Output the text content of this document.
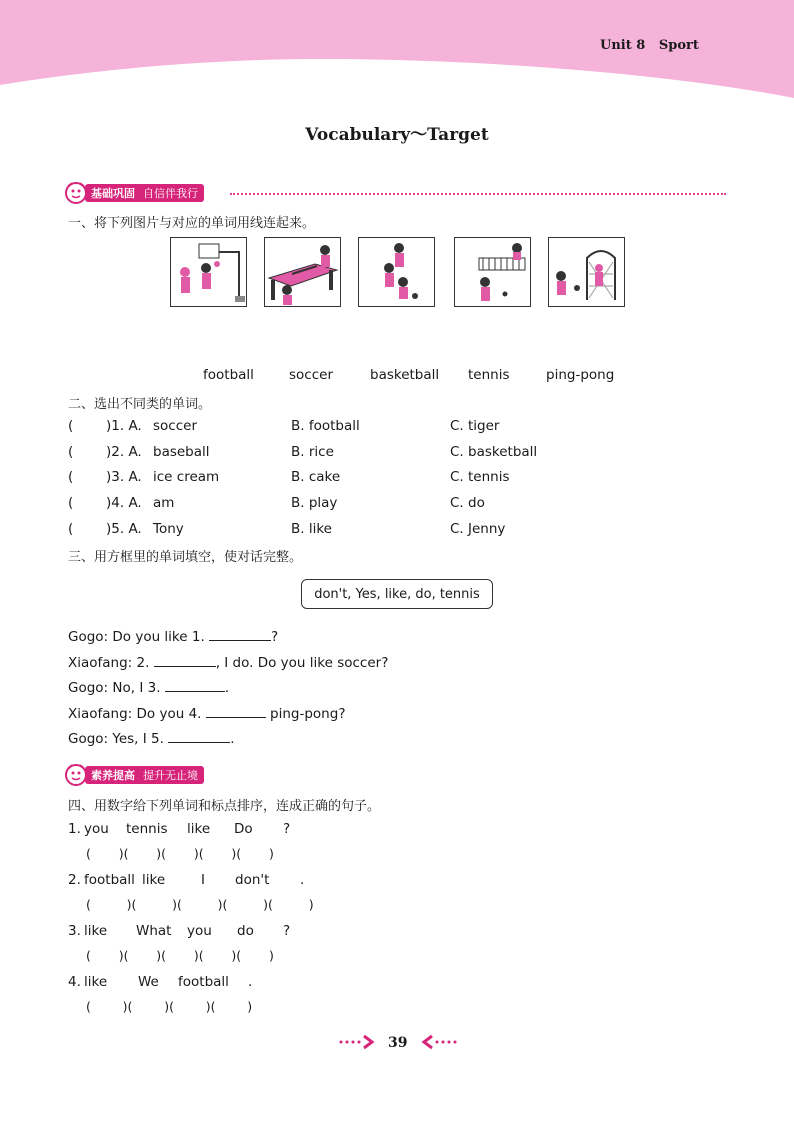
Unit 8 Sport
Vocabulary～Target
基础巩固 自信伴我行
一、将下列图片与对应的单词用线连起来。
football	soccer	basketball tennis	ping-pong
二、选出不同类的单词。
( )1. A. soccer	B. football	C. tiger
( )2. A. baseball	B. rice	C. basketball
( )3. A. ice cream	B. cake	C. tennis
( )4. A. am	B. play	C. do
( )5. A. Tony	B. like	C. Jenny
三、用方框里的单词填空，使对话完整。
don't, Yes, like, do, tennis
Gogo: Do you like 1.	?
Xiaofang: 2.	, I do. Do you like soccer?
Gogo: No, I 3.	.
Xiaofang: Do you 4.	ping-pong?
Gogo: Yes, I 5.	.
素养提高 提升无止境
四、用数字给下列单词和标点排序，连成正确的句子。
1. you tennis like Do ?
(       )(       )(       )(       )(       )
2. football like	I don't .
(         )(         )(         )(         )(         )
3. like What you do ?
(       )(       )(       )(       )(       )
4. like We football .
(        )(        )(        )(        )
39
